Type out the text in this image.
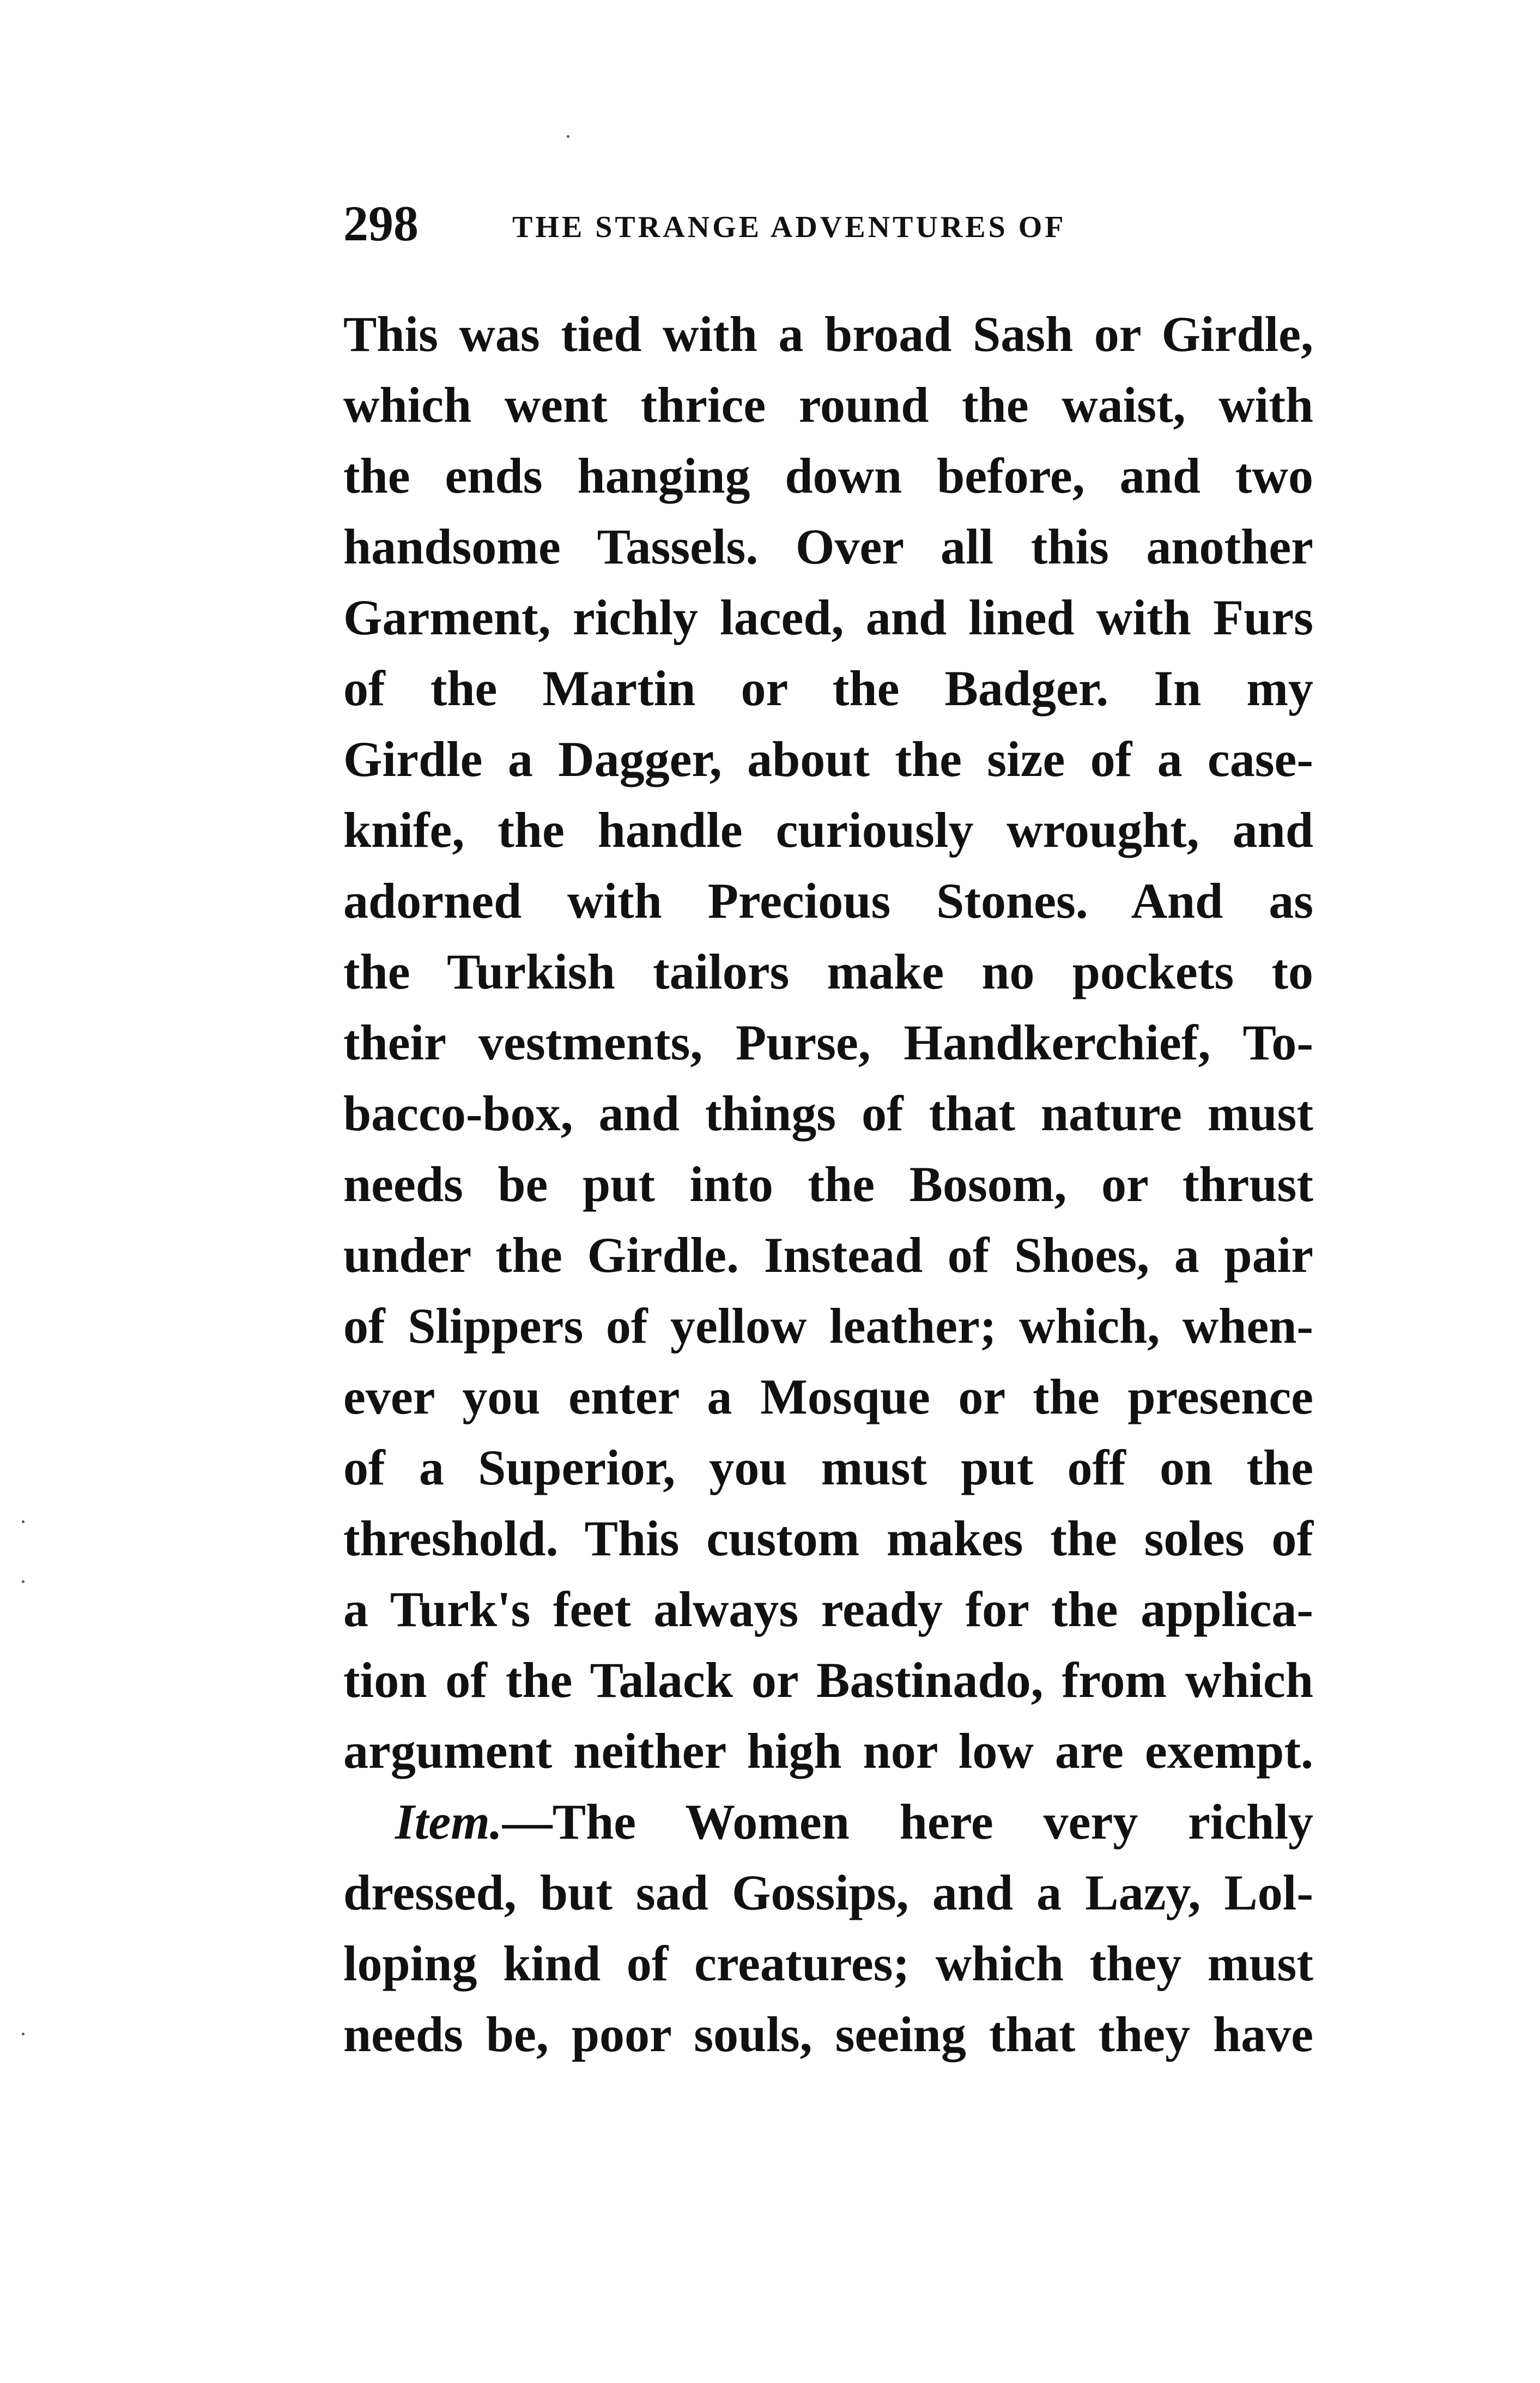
298	THE STRANGE ADVENTURES OF
This was tied with a broad Sash or Girdle,
which went thrice round the waist, with
the ends hanging down before, and two
handsome Tassels. Over all this another
Garment, richly laced, and lined with Furs
of the Martin or the Badger. In my
Girdle a Dagger, about the size of a case-
knife, the handle curiously wrought, and
adorned with Precious Stones. And as
the Turkish tailors make no pockets to
their vestments, Purse, Handkerchief, To-
bacco-box, and things of that nature must
needs be put into the Bosom, or thrust
under the Girdle. Instead of Shoes, a pair
of Slippers of yellow leather; which, when-
ever you enter a Mosque or the presence
of a Superior, you must put off on the
threshold. This custom makes the soles of
a Turk's feet always ready for the applica-
tion of the Talack or Bastinado, from which
argument neither high nor low are exempt.
Item.—The Women here very richly
dressed, but sad Gossips, and a Lazy, Lol-
loping kind of creatures; which they must
needs be, poor souls, seeing that they have
